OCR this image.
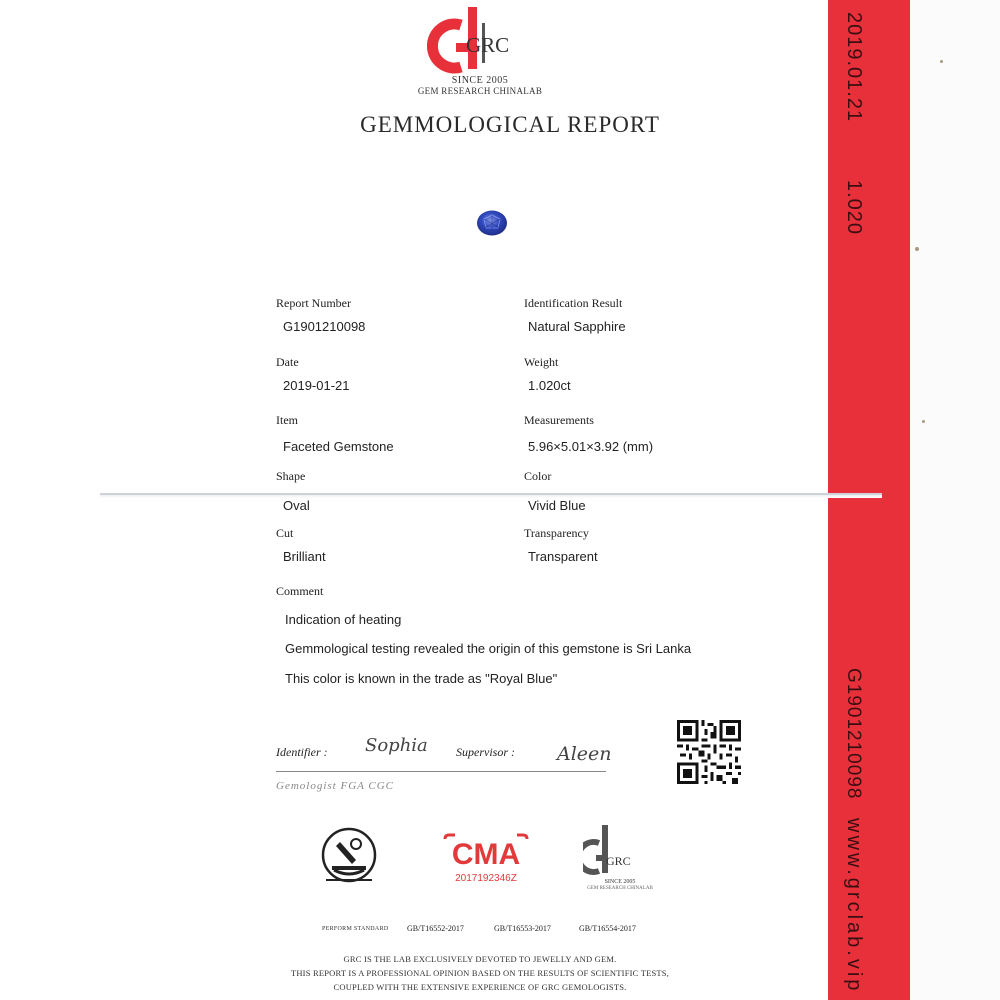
2019.01.21
1.020
G1901210098
www.grclab.vip
GRC
SINCE 2005
GEM RESEARCH CHINALAB
GEMMOLOGICAL REPORT
Report Number
G1901210098
Identification Result
Natural Sapphire
Date
2019-01-21
Weight
1.020ct
Item
Faceted Gemstone
Measurements
5.96×5.01×3.92 (mm)
Shape
Oval
Color
Vivid Blue
Cut
Brilliant
Transparency
Transparent
Comment
Indication of heating
Gemmological testing revealed the origin of this gemstone is Sri Lanka
This color is known in the trade as "Royal Blue"
Identifier : Sophia Supervisor : Aleen
Gemologist FGA CGC
CMA
2017192346Z
GRC
SINCE 2005
GEM RESEARCH CHINALAB
PERFORM STANDARD GB/T16552-2017	GB/T16553-2017	GB/T16554-2017
GRC IS THE LAB EXCLUSIVELY DEVOTED TO JEWELLY AND GEM.
THIS REPORT IS A PROFESSIONAL OPINION BASED ON THE RESULTS OF SCIENTIFIC TESTS,
COUPLED WITH THE EXTENSIVE EXPERIENCE OF GRC GEMOLOGISTS.
